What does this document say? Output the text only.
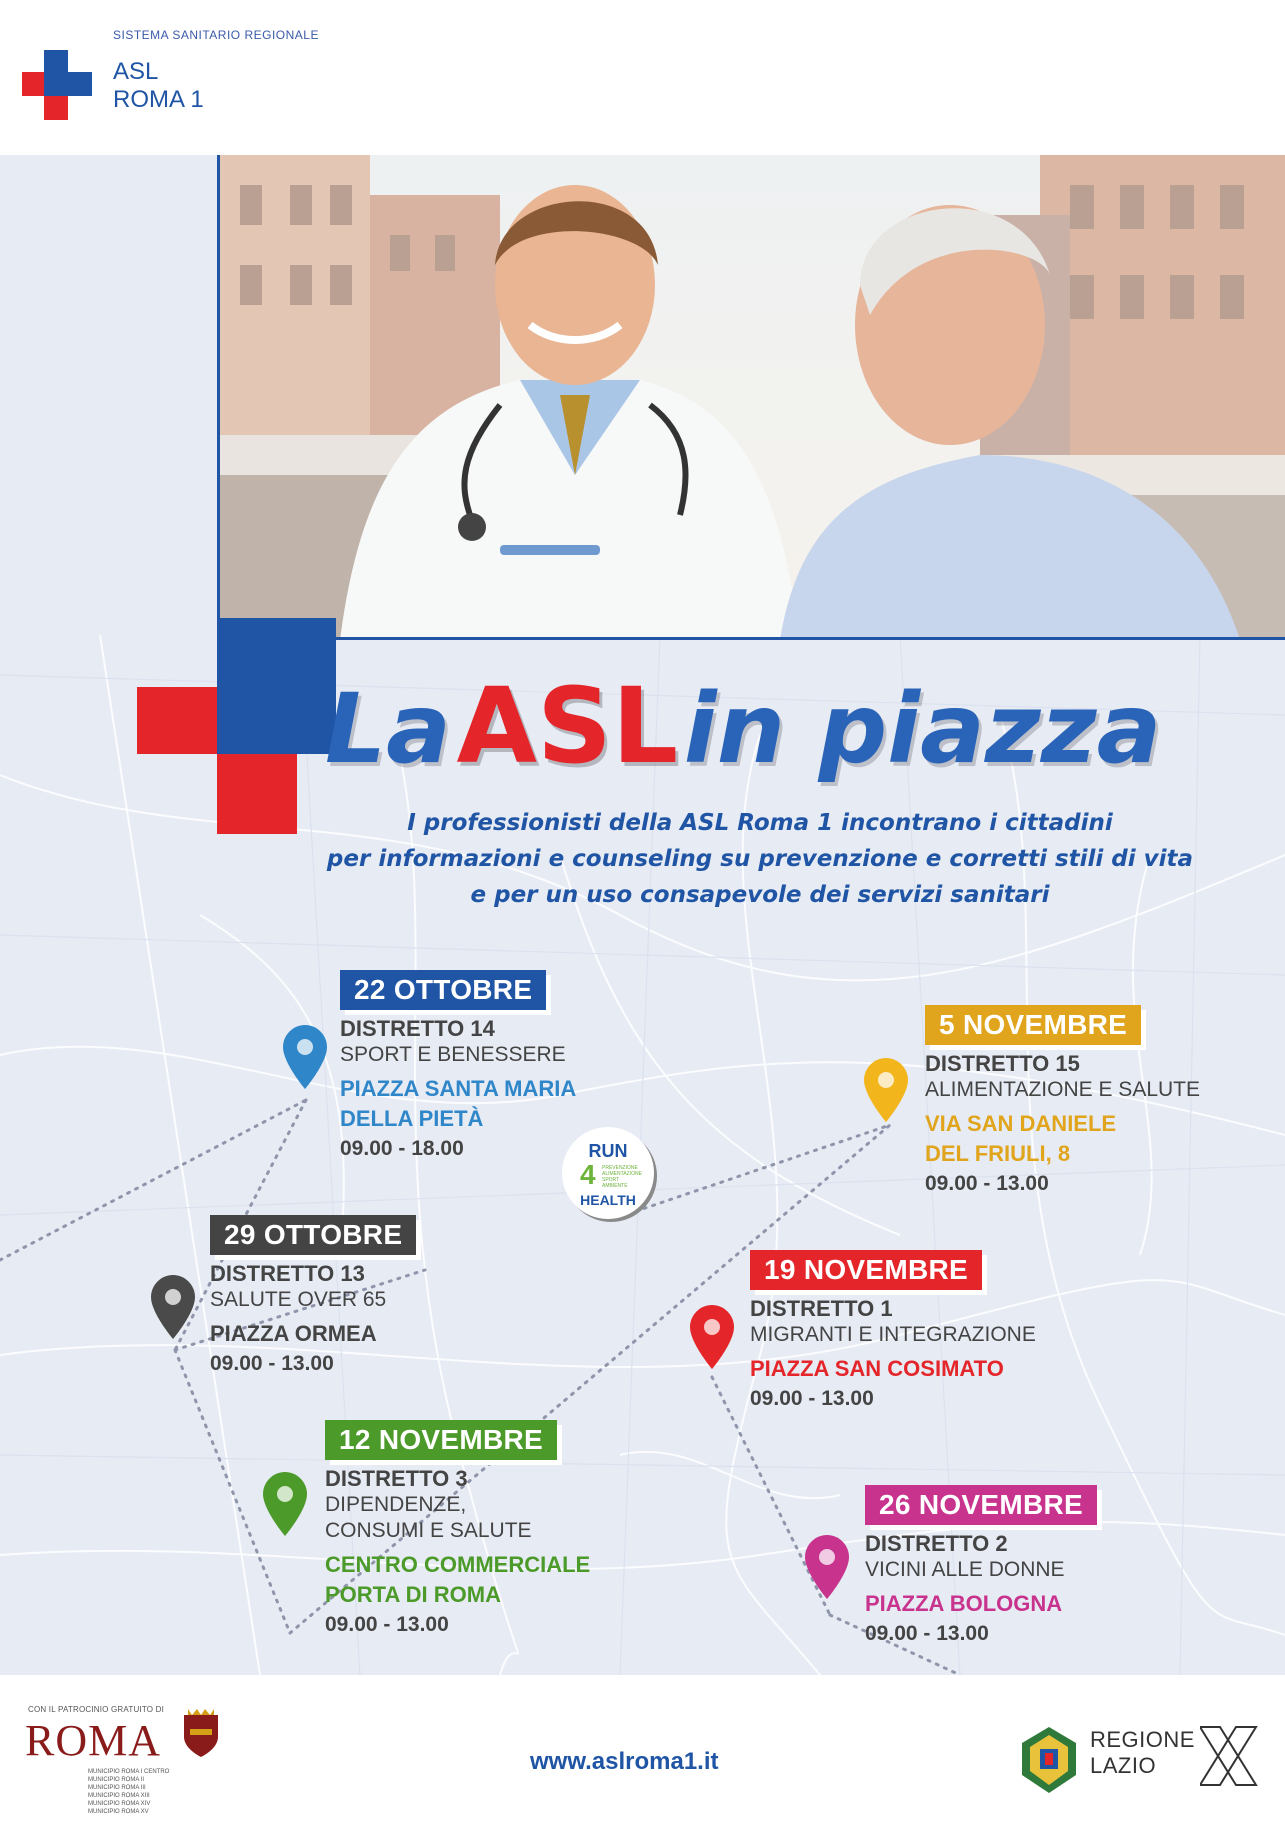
SISTEMA SANITARIO REGIONALE
ASL
ROMA 1
La ASL in piazza
I professionisti della ASL Roma 1 incontrano i cittadini
per informazioni e counseling su prevenzione e corretti stili di vita
e per un uso consapevole dei servizi sanitari
RUN
4 PREVENZIONE ALIMENTAZIONE SPORT AMBIENTE
HEALTH
22 OTTOBRE
DISTRETTO 14
SPORT E BENESSERE
PIAZZA SANTA MARIA
DELLA PIETÀ
09.00 - 18.00
5 NOVEMBRE
DISTRETTO 15
ALIMENTAZIONE E SALUTE
VIA SAN DANIELE
DEL FRIULI, 8
09.00 - 13.00
29 OTTOBRE
DISTRETTO 13
SALUTE OVER 65
PIAZZA ORMEA
09.00 - 13.00
19 NOVEMBRE
DISTRETTO 1
MIGRANTI E INTEGRAZIONE
PIAZZA SAN COSIMATO
09.00 - 13.00
12 NOVEMBRE
DISTRETTO 3
DIPENDENZE,
CONSUMI E SALUTE
CENTRO COMMERCIALE
PORTA DI ROMA
09.00 - 13.00
26 NOVEMBRE
DISTRETTO 2
VICINI ALLE DONNE
PIAZZA BOLOGNA
09.00 - 13.00
CON IL PATROCINIO GRATUITO DI
ROMA
MUNICIPIO ROMA I CENTRO
MUNICIPIO ROMA II
MUNICIPIO ROMA III
MUNICIPIO ROMA XIII
MUNICIPIO ROMA XIV
MUNICIPIO ROMA XV
www.aslroma1.it
REGIONE
LAZIO
